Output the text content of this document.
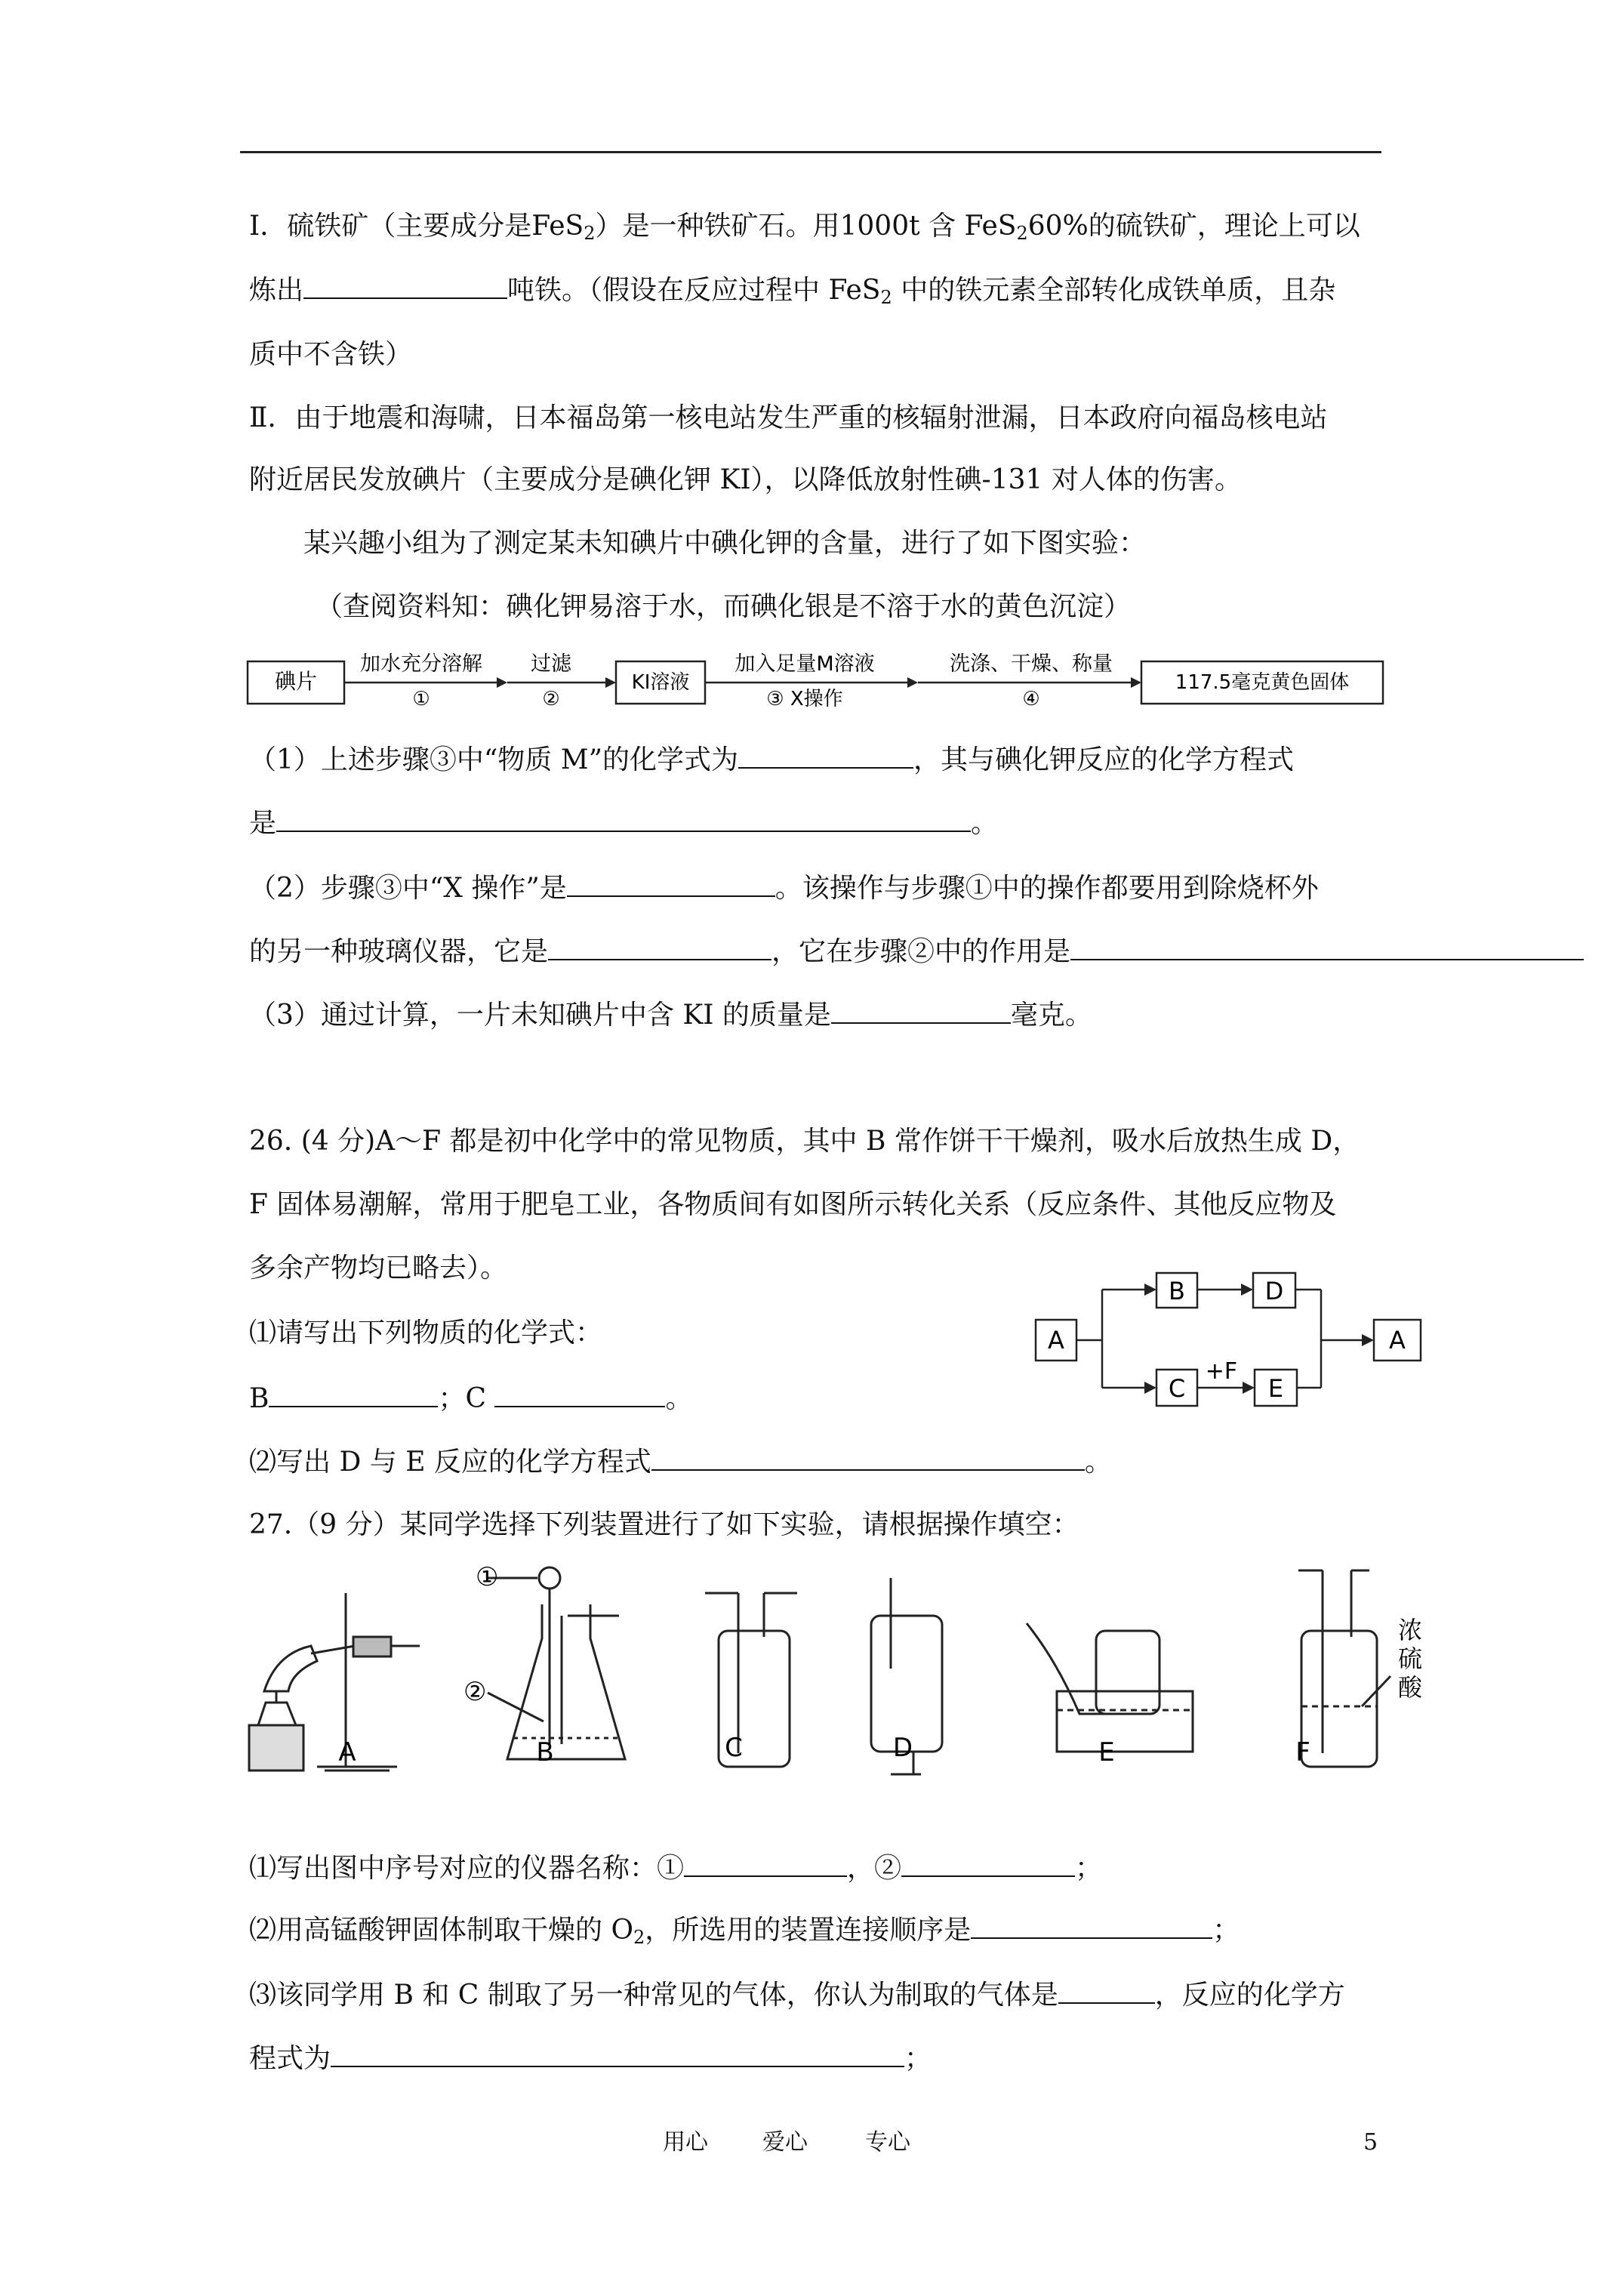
Ⅰ．硫铁矿（主要成分是FeS$_2$）是一种铁矿石。用1000t 含 FeS$_2$60%的硫铁矿，理论上可以
炼出	吨铁。（假设在反应过程中 FeS$_2$ 中的铁元素全部转化成铁单质，且杂
质中不含铁）
Ⅱ．由于地震和海啸，日本福岛第一核电站发生严重的核辐射泄漏，日本政府向福岛核电站
附近居民发放碘片（主要成分是碘化钾 KI），以降低放射性碘-131 对人体的伤害。
某兴趣小组为了测定某未知碘片中碘化钾的含量，进行了如下图实验：
（查阅资料知：碘化钾易溶于水，而碘化银是不溶于水的黄色沉淀）
碘片
加水充分溶解
①
过滤
②
KI溶液
加入足量M溶液
③ X操作
洗涤、干燥、称量
④
117.5毫克黄色固体
（1）上述步骤③中“物质 M”的化学式为	，其与碘化钾反应的化学方程式
是	。
（2）步骤③中“X 操作”是	。该操作与步骤①中的操作都要用到除烧杯外
的另一种玻璃仪器，它是	，它在步骤②中的作用是
（3）通过计算，一片未知碘片中含 KI 的质量是	毫克。
26. (4 分)A～F 都是初中化学中的常见物质，其中 B 常作饼干干燥剂，吸水后放热生成 D，
F 固体易潮解，常用于肥皂工业，各物质间有如图所示转化关系（反应条件、其他反应物及
多余产物均已略去）。
⑴请写出下列物质的化学式：
B	；C	。
⑵写出 D 与 E 反应的化学方程式	。
A
B	D
C
+F
E
A
27.（9 分）某同学选择下列装置进行了如下实验，请根据操作填空：
①
②
浓
硫
酸
A	B	C	D	E	F
⑴写出图中序号对应的仪器名称：①	，②	；
⑵用高锰酸钾固体制取干燥的 $O_2$，所选用的装置连接顺序是	；
⑶该同学用 B 和 C 制取了另一种常见的气体，你认为制取的气体是	，反应的化学方
程式为	；
用心 爱心	专心	5
